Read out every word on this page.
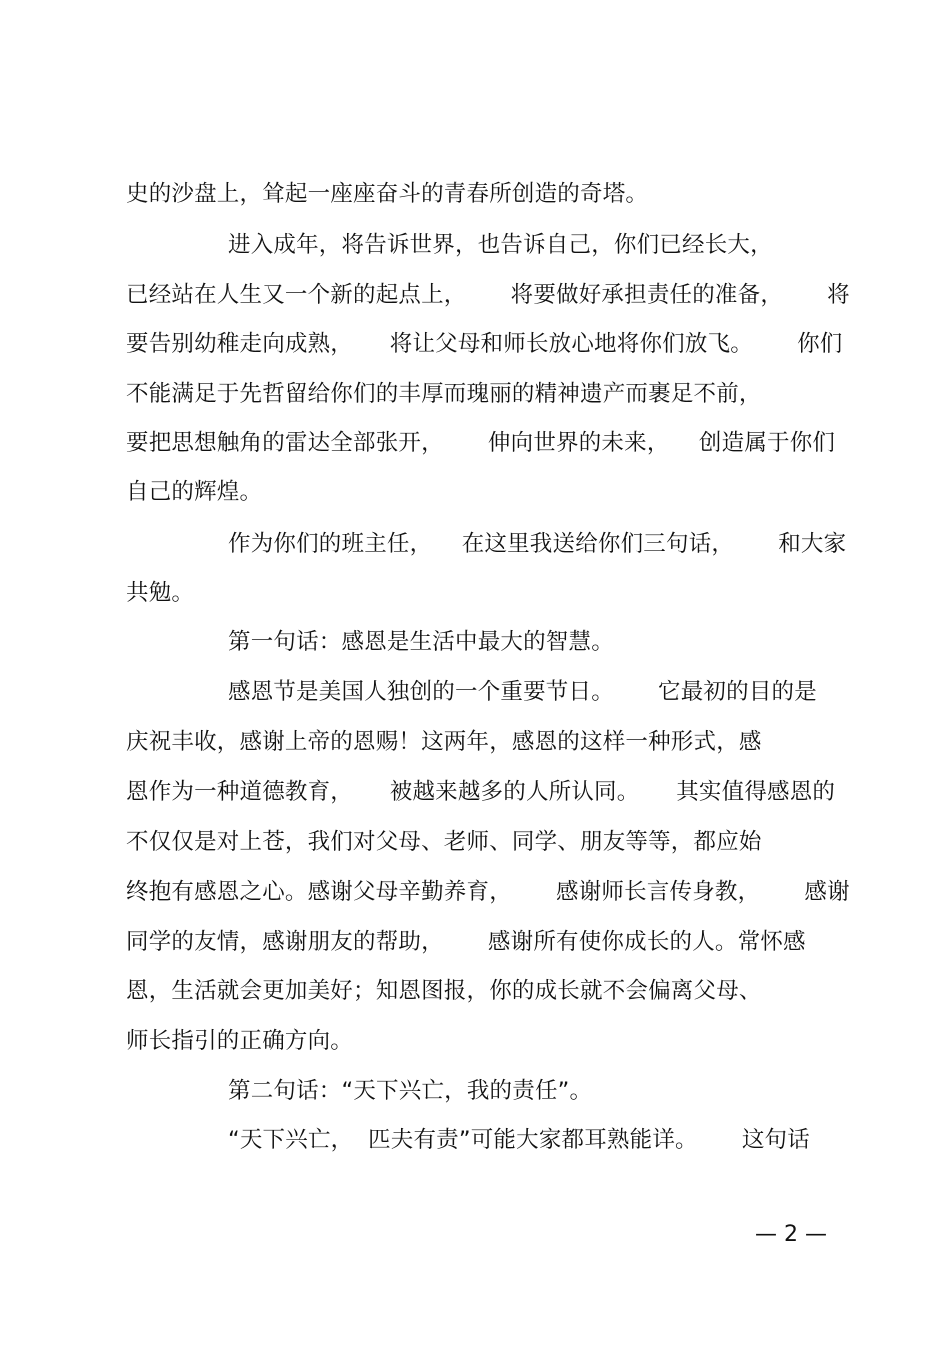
史的沙盘上，耸起一座座奋斗的青春所创造的奇塔。
进入成年，将告诉世界，也告诉自己，你们已经长大，
已经站在人生又一个新的起点上，      将要做好承担责任的准备，      将
要告别幼稚走向成熟，     将让父母和师长放心地将你们放飞。      你们
不能满足于先哲留给你们的丰厚而瑰丽的精神遗产而裹足不前，
要把思想触角的雷达全部张开，      伸向世界的未来，    创造属于你们
自己的辉煌。
作为你们的班主任，    在这里我送给你们三句话，      和大家
共勉。
第一句话：感恩是生活中最大的智慧。
感恩节是美国人独创的一个重要节日。      它最初的目的是
庆祝丰收，感谢上帝的恩赐！这两年，感恩的这样一种形式，感
恩作为一种道德教育，     被越来越多的人所认同。     其实值得感恩的
不仅仅是对上苍，我们对父母、老师、同学、朋友等等，都应始
终抱有感恩之心。感谢父母辛勤养育，      感谢师长言传身教，      感谢
同学的友情，感谢朋友的帮助，      感谢所有使你成长的人。常怀感
恩，生活就会更加美好；知恩图报，你的成长就不会偏离父母、
师长指引的正确方向。
第二句话：“天下兴亡，我的责任”。
“天下兴亡，  匹夫有责”可能大家都耳熟能详。      这句话
— 2 —
